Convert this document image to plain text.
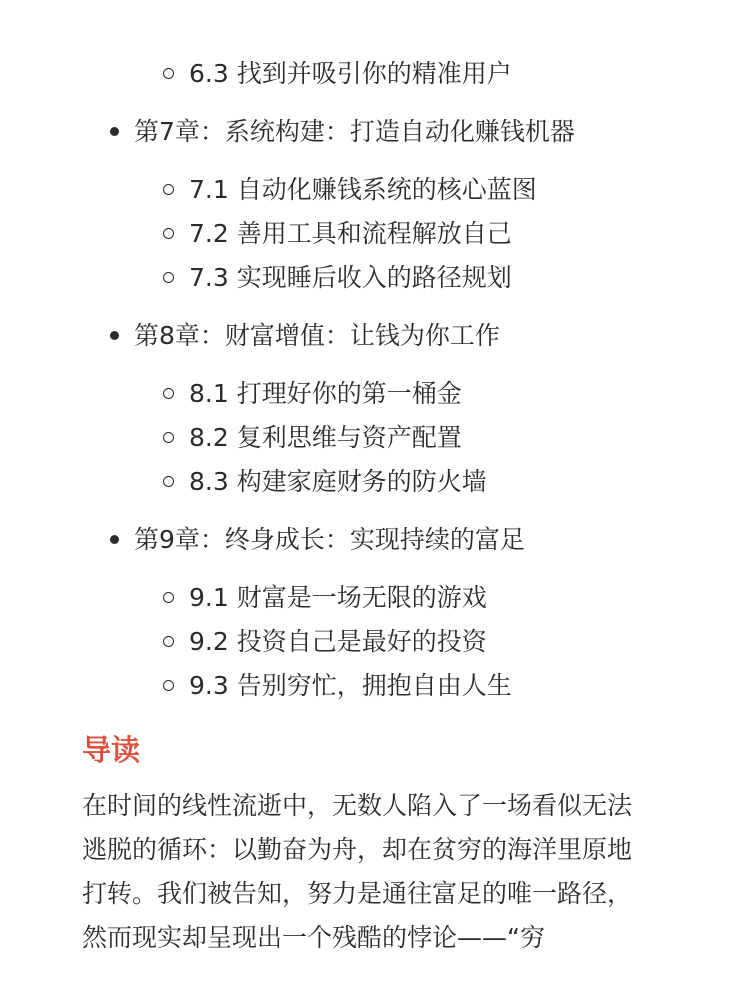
6.3 找到并吸引你的精准用户
第7章：系统构建：打造自动化赚钱机器
7.1 自动化赚钱系统的核心蓝图
7.2 善用工具和流程解放自己
7.3 实现睡后收入的路径规划
第8章：财富增值：让钱为你工作
8.1 打理好你的第一桶金
8.2 复利思维与资产配置
8.3 构建家庭财务的防火墙
第9章：终身成长：实现持续的富足
9.1 财富是一场无限的游戏
9.2 投资自己是最好的投资
9.3 告别穷忙，拥抱自由人生
导读
在时间的线性流逝中，无数人陷入了一场看似无法
逃脱的循环：以勤奋为舟，却在贫穷的海洋里原地
打转。我们被告知，努力是通往富足的唯一路径，
然而现实却呈现出一个残酷的悖论——“穷
